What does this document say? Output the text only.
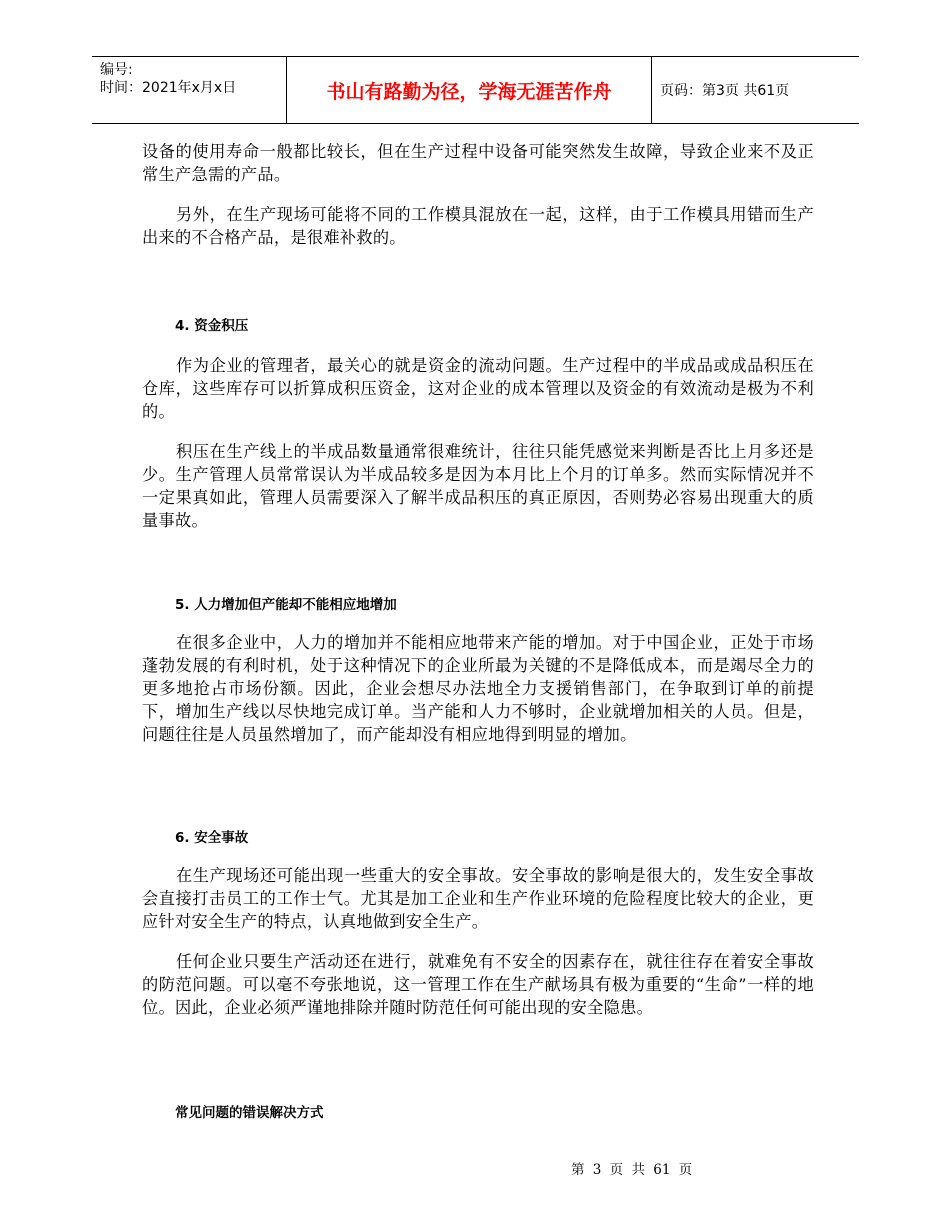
编号:
时间：2021年x月x日	书山有路勤为径，学海无涯苦作舟	页码：第3页 共61页

设备的使用寿命一般都比较长，但在生产过程中设备可能突然发生故障，导致企业来不及正常生产急需的产品。

另外，在生产现场可能将不同的工作模具混放在一起，这样，由于工作模具用错而生产出来的不合格产品，是很难补救的。

4. 资金积压

作为企业的管理者，最关心的就是资金的流动问题。生产过程中的半成品或成品积压在仓库，这些库存可以折算成积压资金，这对企业的成本管理以及资金的有效流动是极为不利的。

积压在生产线上的半成品数量通常很难统计，往往只能凭感觉来判断是否比上月多还是少。生产管理人员常常误认为半成品较多是因为本月比上个月的订单多。然而实际情况并不一定果真如此，管理人员需要深入了解半成品积压的真正原因，否则势必容易出现重大的质量事故。

5. 人力增加但产能却不能相应地增加

在很多企业中，人力的增加并不能相应地带来产能的增加。对于中国企业，正处于市场蓬勃发展的有利时机，处于这种情况下的企业所最为关键的不是降低成本，而是竭尽全力的更多地抢占市场份额。因此，企业会想尽办法地全力支援销售部门，在争取到订单的前提下，增加生产线以尽快地完成订单。当产能和人力不够时，企业就增加相关的人员。但是，问题往往是人员虽然增加了，而产能却没有相应地得到明显的增加。

6. 安全事故

在生产现场还可能出现一些重大的安全事故。安全事故的影响是很大的，发生安全事故会直接打击员工的工作士气。尤其是加工企业和生产作业环境的危险程度比较大的企业，更应针对安全生产的特点，认真地做到安全生产。

任何企业只要生产活动还在进行，就难免有不安全的因素存在，就往往存在着安全事故的防范问题。可以毫不夸张地说，这一管理工作在生产献场具有极为重要的“生命”一样的地位。因此，企业必须严谨地排除并随时防范任何可能出现的安全隐患。

常见问题的错误解决方式
第 3 页 共 61 页
